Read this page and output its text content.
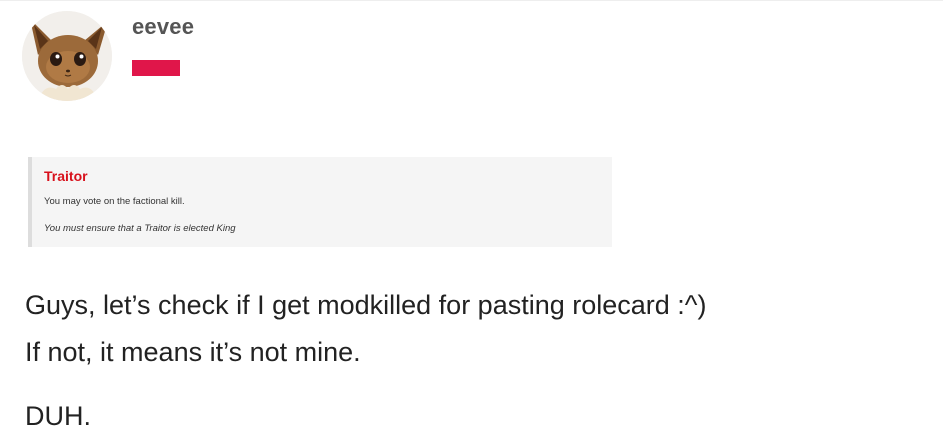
eevee
Traitor
You may vote on the factional kill.
You must ensure that a Traitor is elected King
Guys, let’s check if I get modkilled for pasting rolecard :^)
If not, it means it’s not mine.
DUH.
